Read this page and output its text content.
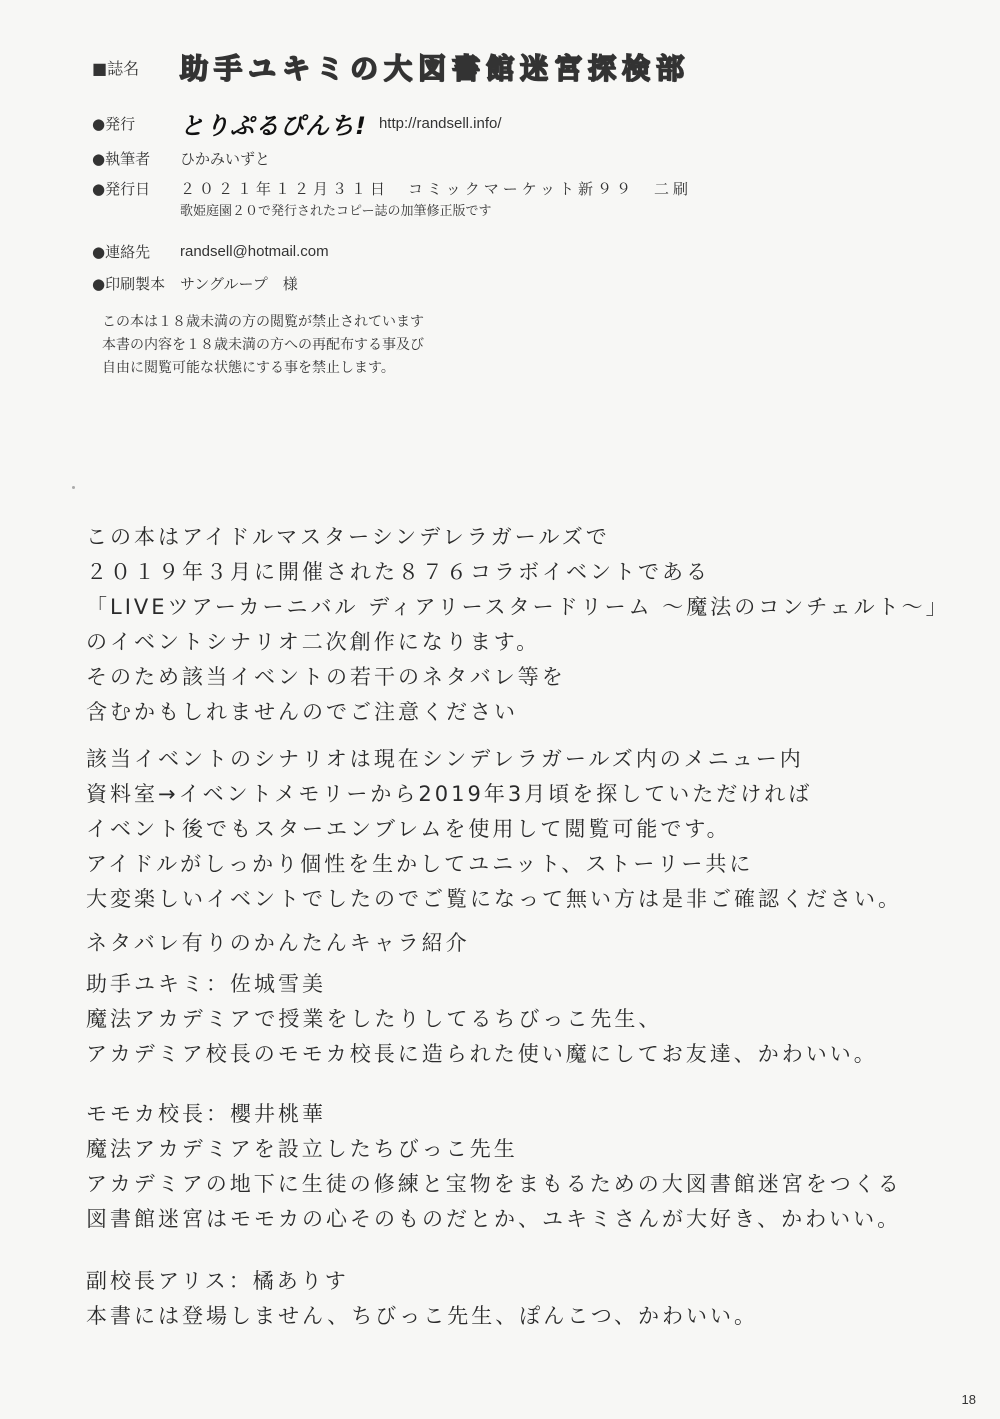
■誌名	助手ユキミの大図書館迷宮探検部
●発行	とりぷるぴんち! http://randsell.info/
●執筆者	ひかみいずと
●発行日	２０２１年１２月３１日　コミックマーケット新９９　二刷
歌姫庭園２０で発行されたコピー誌の加筆修正版です
●連絡先	randsell@hotmail.com
●印刷製本 サングループ　様
この本は１８歳未満の方の閲覧が禁止されています
本書の内容を１８歳未満の方への再配布する事及び
自由に閲覧可能な状態にする事を禁止します。
この本はアイドルマスターシンデレラガールズで
２０１９年３月に開催された８７６コラボイベントである
「LIVEツアーカーニバル ディアリースタードリーム ～魔法のコンチェルト～」
のイベントシナリオ二次創作になります。
そのため該当イベントの若干のネタバレ等を
含むかもしれませんのでご注意ください
該当イベントのシナリオは現在シンデレラガールズ内のメニュー内
資料室→イベントメモリーから2019年3月頃を探していただければ
イベント後でもスターエンブレムを使用して閲覧可能です。
アイドルがしっかり個性を生かしてユニット、ストーリー共に
大変楽しいイベントでしたのでご覧になって無い方は是非ご確認ください。
ネタバレ有りのかんたんキャラ紹介
助手ユキミ：佐城雪美
魔法アカデミアで授業をしたりしてるちびっこ先生、
アカデミア校長のモモカ校長に造られた使い魔にしてお友達、かわいい。
モモカ校長：櫻井桃華
魔法アカデミアを設立したちびっこ先生
アカデミアの地下に生徒の修練と宝物をまもるための大図書館迷宮をつくる
図書館迷宮はモモカの心そのものだとか、ユキミさんが大好き、かわいい。
副校長アリス：橘ありす
本書には登場しません、ちびっこ先生、ぽんこつ、かわいい。
18
